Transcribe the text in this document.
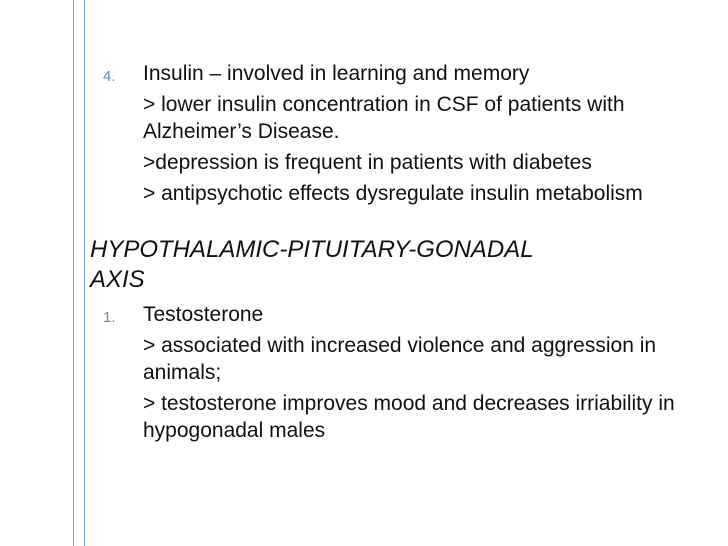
4. Insulin – involved in learning and memory
> lower insulin concentration in CSF of patients with Alzheimer’s Disease.
>depression is frequent in patients with diabetes
> antipsychotic effects dysregulate insulin metabolism
HYPOTHALAMIC-PITUITARY-GONADAL
AXIS
1. Testosterone
> associated with increased violence and aggression in animals;
> testosterone improves mood and decreases irriability in hypogonadal males
